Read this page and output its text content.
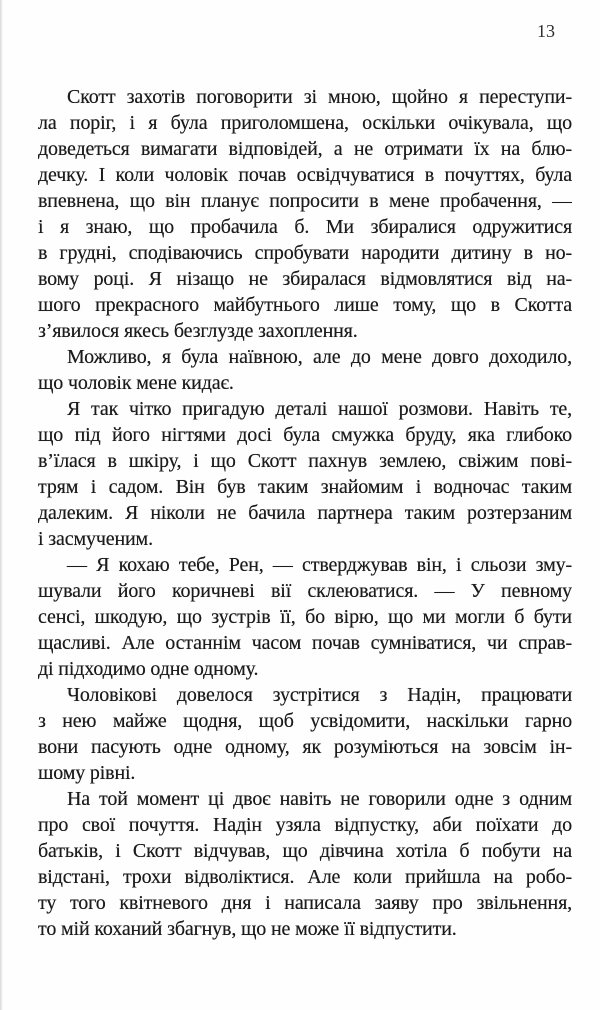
13
Скотт захотів поговорити зі мною, щойно я переступи-
ла поріг, і я була приголомшена, оскільки очікувала, що
доведеться вимагати відповідей, а не отримати їх на блю-
дечку. І коли чоловік почав освідчуватися в почуттях, була
впевнена, що він планує попросити в мене пробачення, —
і я знаю, що пробачила б. Ми збиралися одружитися
в грудні, сподіваючись спробувати народити дитину в но-
вому році. Я нізащо не збиралася відмовлятися від на-
шого прекрасного майбутнього лише тому, що в Скотта
з’явилося якесь безглузде захоплення.
Можливо, я була наївною, але до мене довго доходило,
що чоловік мене кидає.
Я так чітко пригадую деталі нашої розмови. Навіть те,
що під його нігтями досі була смужка бруду, яка глибоко
в’їлася в шкіру, і що Скотт пахнув землею, свіжим пові-
трям і садом. Він був таким знайомим і водночас таким
далеким. Я ніколи не бачила партнера таким розтерзаним
і засмученим.
— Я кохаю тебе, Рен, — стверджував він, і сльози зму-
шували його коричневі вії склеюватися. — У певному
сенсі, шкодую, що зустрів її, бо вірю, що ми могли б бути
щасливі. Але останнім часом почав сумніватися, чи справ-
ді підходимо одне одному.
Чоловікові довелося зустрітися з Надін, працювати
з нею майже щодня, щоб усвідомити, наскільки гарно
вони пасують одне одному, як розуміються на зовсім ін-
шому рівні.
На той момент ці двоє навіть не говорили одне з одним
про свої почуття. Надін узяла відпустку, аби поїхати до
батьків, і Скотт відчував, що дівчина хотіла б побути на
відстані, трохи відволіктися. Але коли прийшла на робо-
ту того квітневого дня і написала заяву про звільнення,
то мій коханий збагнув, що не може її відпустити.
